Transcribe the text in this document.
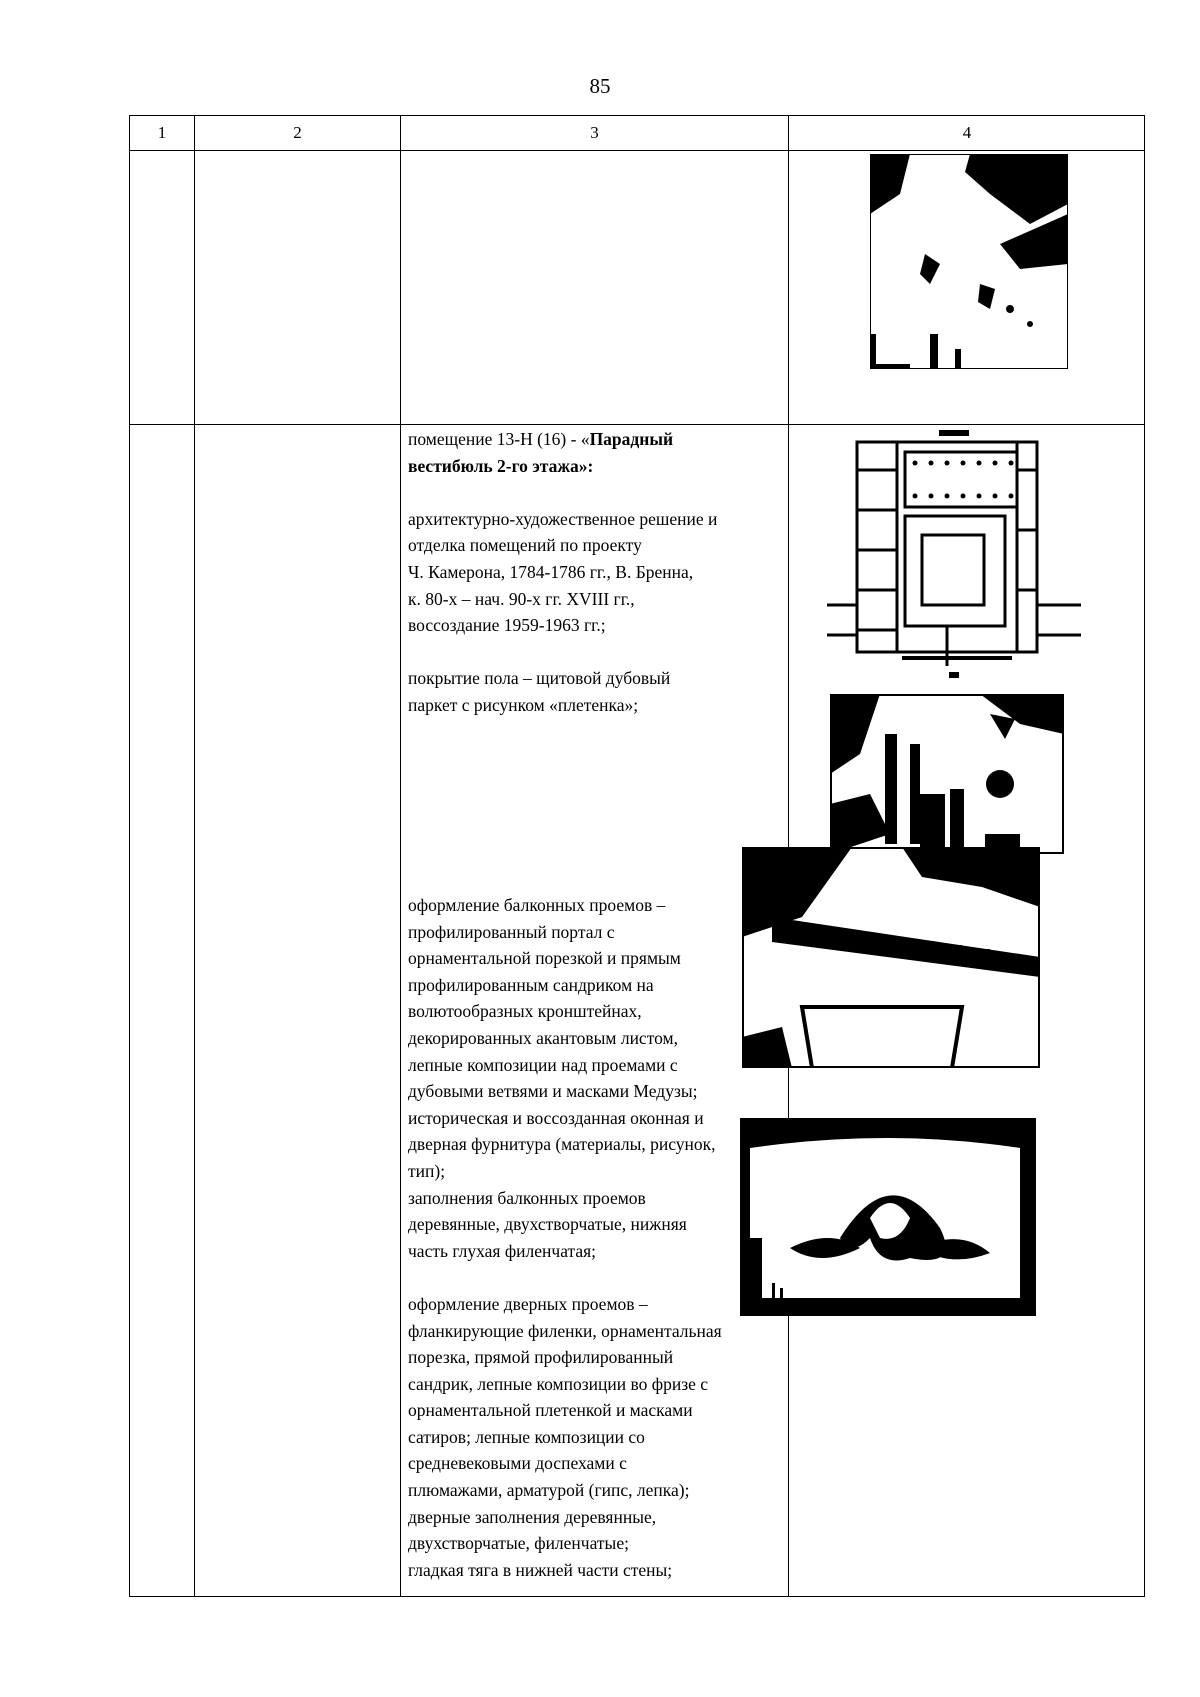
85
1	2	3	4

помещение 13-Н (16) - «Парадный

вестибюль 2-го этажа»:

архитектурно-художественное решение и

отделка помещений по проекту

Ч. Камерона, 1784-1786 гг., В. Бренна,

к. 80-х – нач. 90-х гг. XVIII гг.,

воссоздание 1959-1963 гг.;

покрытие пола – щитовой дубовый

паркет с рисунком «плетенка»;

оформление балконных проемов –

профилированный портал с

орнаментальной порезкой и прямым

профилированным сандриком на

волютообразных кронштейнах,

декорированных акантовым листом,

лепные композиции над проемами с

дубовыми ветвями и масками Медузы;

историческая и воссозданная оконная и

дверная фурнитура (материалы, рисунок,

тип);

заполнения балконных проемов

деревянные, двухстворчатые, нижняя

часть глухая филенчатая;

оформление дверных проемов –

фланкирующие филенки, орнаментальная

порезка, прямой профилированный

сандрик, лепные композиции во фризе с

орнаментальной плетенкой и масками

сатиров; лепные композиции со

средневековыми доспехами с

плюмажами, арматурой (гипс, лепка);

дверные заполнения деревянные,

двухстворчатые, филенчатые;

гладкая тяга в нижней части стены;
